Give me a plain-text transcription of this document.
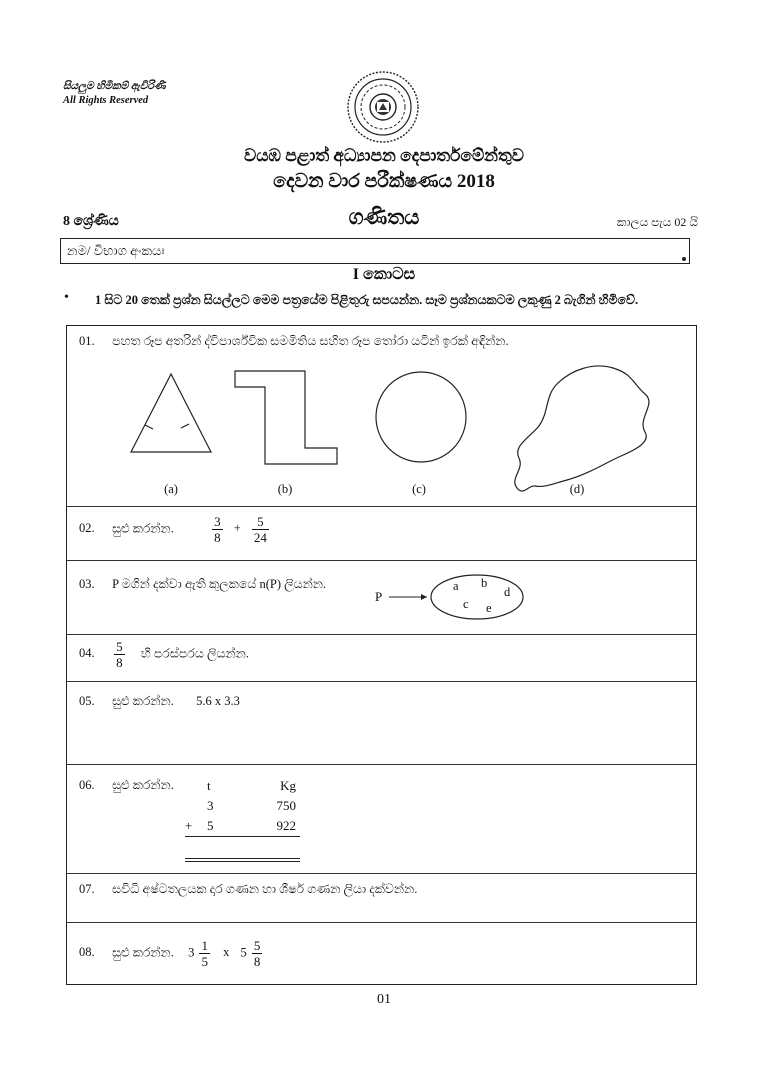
සියලුම හිමිකම් ඇවිරිණි
All Rights Reserved
වයඹ පළාත් අධ්‍යාපන දෙපාර්තමේන්තුව
දෙවන වාර පරීක්ෂණය 2018
8 ශ්‍රේණිය	ගණිතය	කාලය පැය 02 යි
නම/ විභාග අංකයඃ
I කොටස
• 1 සිට 20 තෙක් ප්‍රශ්න සියල්ලට මෙම පත්‍රයේම පිළිතුරු සපයන්න. සෑම ප්‍රශ්නයකටම ලකුණු 2 බැගින් හිමිවේ.
01. පහත රූප අතරින් ද්විපාර්ශ්වික සමමිතිය සහිත රූප තෝරා යටින් ඉරක් අඳින්න.
(a)	(b)	(c)	(d)
02. සුළු කරන්න.	$\frac{3}{8} + \frac{5}{24}$
03. P මගින් දක්වා ඇති කුලකයේ n(P) ලියන්න.
P
a b
d
c e
04. $\frac{5}{8}$ හි පරස්පරය ලියන්න.
05. සුළු කරන්න. 5.6 x 3.3
06. සුළු කරන්න.	t	Kg
3	750
+ 5	922
07. සවිධි අෂ්ටතලයක දාර ගණන හා ශීර්ෂ ගණන ලියා දක්වන්න.
08. සුළු කරන්න. $3 \frac{1}{5}$ x $5 \frac{5}{8}$
01
